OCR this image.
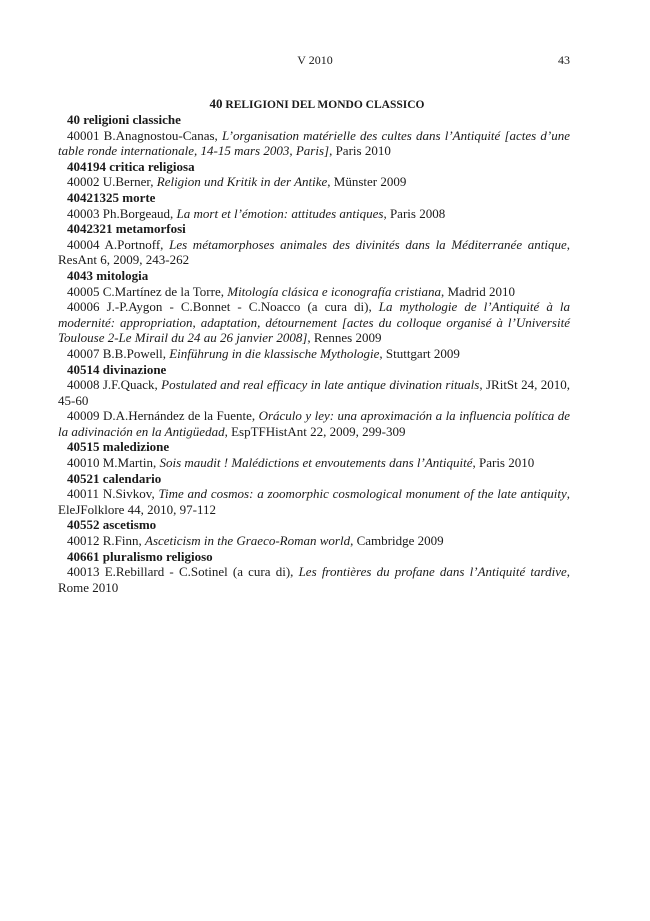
V 2010	43
40 RELIGIONI DEL MONDO CLASSICO
40 religioni classiche
40001 B.Anagnostou-Canas, L’organisation matérielle des cultes dans l’Antiquité [actes d’une table ronde internationale, 14-15 mars 2003, Paris], Paris 2010
404194 critica religiosa
40002 U.Berner, Religion und Kritik in der Antike, Münster 2009
40421325 morte
40003 Ph.Borgeaud, La mort et l’émotion: attitudes antiques, Paris 2008
4042321 metamorfosi
40004 A.Portnoff, Les métamorphoses animales des divinités dans la Méditerranée antique, ResAnt 6, 2009, 243-262
4043 mitologia
40005 C.Martínez de la Torre, Mitología clásica e iconografía cristiana, Madrid 2010
40006 J.-P.Aygon - C.Bonnet - C.Noacco (a cura di), La mythologie de l’Antiquité à la modernité: appropriation, adaptation, détournement [actes du colloque organisé à l’Université Toulouse 2-Le Mirail du 24 au 26 janvier 2008], Rennes 2009
40007 B.B.Powell, Einführung in die klassische Mythologie, Stuttgart 2009
40514 divinazione
40008 J.F.Quack, Postulated and real efficacy in late antique divination rituals, JRitSt 24, 2010, 45-60
40009 D.A.Hernández de la Fuente, Oráculo y ley: una aproximación a la influencia política de la adivinación en la Antigüedad, EspTFHistAnt 22, 2009, 299-309
40515 maledizione
40010 M.Martin, Sois maudit ! Malédictions et envoutements dans l’Antiquité, Paris 2010
40521 calendario
40011 N.Sivkov, Time and cosmos: a zoomorphic cosmological monument of the late antiquity, EleJFolklore 44, 2010, 97-112
40552 ascetismo
40012 R.Finn, Asceticism in the Graeco-Roman world, Cambridge 2009
40661 pluralismo religioso
40013 E.Rebillard - C.Sotinel (a cura di), Les frontières du profane dans l’Antiquité tardive, Rome 2010
